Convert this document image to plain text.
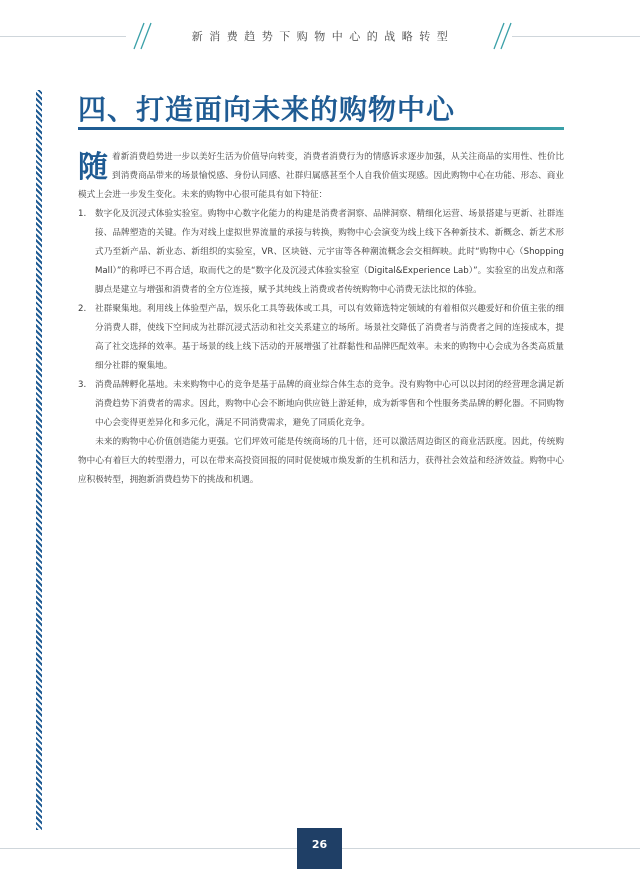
新消费趋势下购物中心的战略转型
四、打造面向未来的购物中心

随着新消费趋势进一步以美好生活为价值导向转变，消费者消费行为的情感诉求逐步加强，从关注商品的实用性、性价比到消费商品带来的场景愉悦感、身份认同感、社群归属感甚至个人自我价值实现感。因此购物中心在功能、形态、商业模式上会进一步发生变化。未来的购物中心很可能具有如下特征：

1. 数字化及沉浸式体验实验室。购物中心数字化能力的构建是消费者洞察、品牌洞察、精细化运营、场景搭建与更新、社群连接、品牌塑造的关键。作为对线上虚拟世界流量的承接与转换，购物中心会演变为线上线下各种新技术、新概念、新艺术形式乃至新产品、新业态、新组织的实验室，VR、区块链、元宇宙等各种潮流概念会交相辉映。此时“购物中心（Shopping Mall）”的称呼已不再合适，取而代之的是“数字化及沉浸式体验实验室（Digital&Experience Lab）”。实验室的出发点和落脚点是建立与增强和消费者的全方位连接，赋予其纯线上消费或者传统购物中心消费无法比拟的体验。
2. 社群聚集地。利用线上体验型产品，娱乐化工具等载体或工具，可以有效筛选特定领域的有着相似兴趣爱好和价值主张的细分消费人群，使线下空间成为社群沉浸式活动和社交关系建立的场所。场景社交降低了消费者与消费者之间的连接成本，提高了社交选择的效率。基于场景的线上线下活动的开展增强了社群黏性和品牌匹配效率。未来的购物中心会成为各类高质量细分社群的聚集地。
3. 消费品牌孵化基地。未来购物中心的竞争是基于品牌的商业综合体生态的竞争。没有购物中心可以以封闭的经营理念满足新消费趋势下消费者的需求。因此，购物中心会不断地向供应链上游延伸，成为新零售和个性服务类品牌的孵化器。不同购物中心会变得更差异化和多元化，满足不同消费需求，避免了同质化竞争。

未来的购物中心价值创造能力更强。它们坪效可能是传统商场的几十倍，还可以激活周边街区的商业活跃度。因此，传统购物中心有着巨大的转型潜力，可以在带来高投资回报的同时促使城市焕发新的生机和活力，获得社会效益和经济效益。购物中心应积极转型，拥抱新消费趋势下的挑战和机遇。

26
